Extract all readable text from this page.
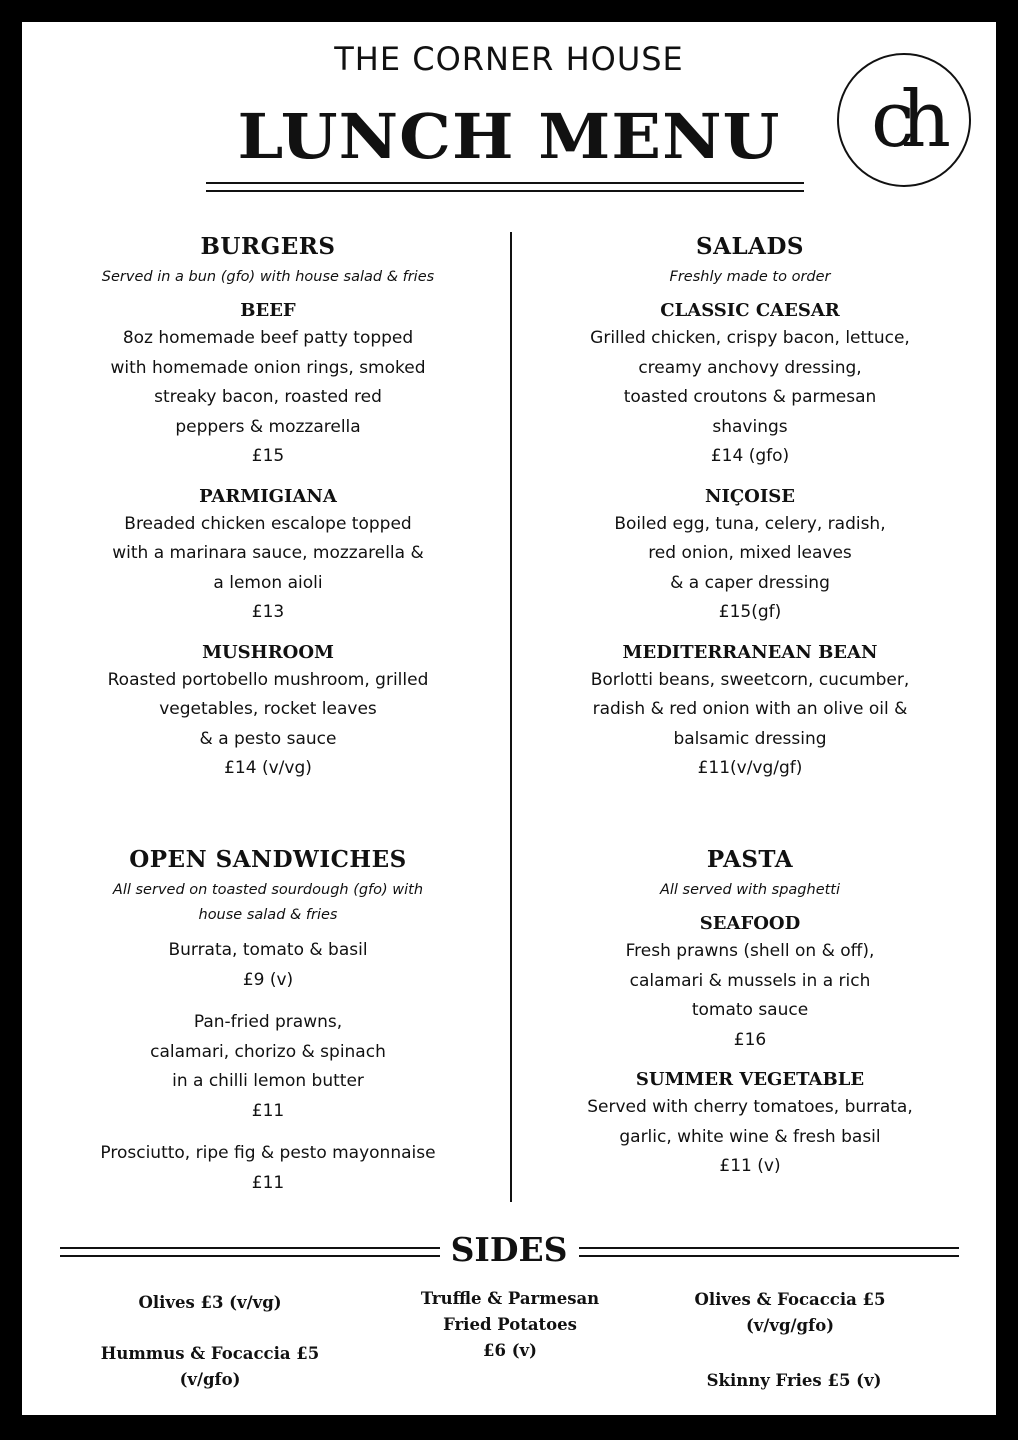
THE CORNER HOUSE
LUNCH MENU	ch
BURGERS
Served in a bun (gfo) with house salad & fries
BEEF
8oz homemade beef patty topped
with homemade onion rings, smoked
streaky bacon, roasted red
peppers & mozzarella
£15
PARMIGIANA
Breaded chicken escalope topped
with a marinara sauce, mozzarella &
a lemon aioli
£13
MUSHROOM
Roasted portobello mushroom, grilled
vegetables, rocket leaves
& a pesto sauce
£14 (v/vg)
SALADS
Freshly made to order
CLASSIC CAESAR
Grilled chicken, crispy bacon, lettuce,
creamy anchovy dressing,
toasted croutons & parmesan
shavings
£14 (gfo)
NIÇOISE
Boiled egg, tuna, celery, radish,
red onion, mixed leaves
& a caper dressing
£15(gf)
MEDITERRANEAN BEAN
Borlotti beans, sweetcorn, cucumber,
radish & red onion with an olive oil &
balsamic dressing
£11(v/vg/gf)
OPEN SANDWICHES
All served on toasted sourdough (gfo) with
house salad & fries
Burrata, tomato & basil
£9 (v)
Pan-fried prawns,
calamari, chorizo & spinach
in a chilli lemon butter
£11
Prosciutto, ripe fig & pesto mayonnaise
£11
PASTA
All served with spaghetti
SEAFOOD
Fresh prawns (shell on & off),
calamari & mussels in a rich
tomato sauce
£16
SUMMER VEGETABLE
Served with cherry tomatoes, burrata,
garlic, white wine & fresh basil
£11 (v)
SIDES
Olives £3 (v/vg)
Hummus & Focaccia £5
(v/gfo)
Truffle & Parmesan
Fried Potatoes
£6 (v)
Olives & Focaccia £5
(v/vg/gfo)
Skinny Fries £5 (v)
